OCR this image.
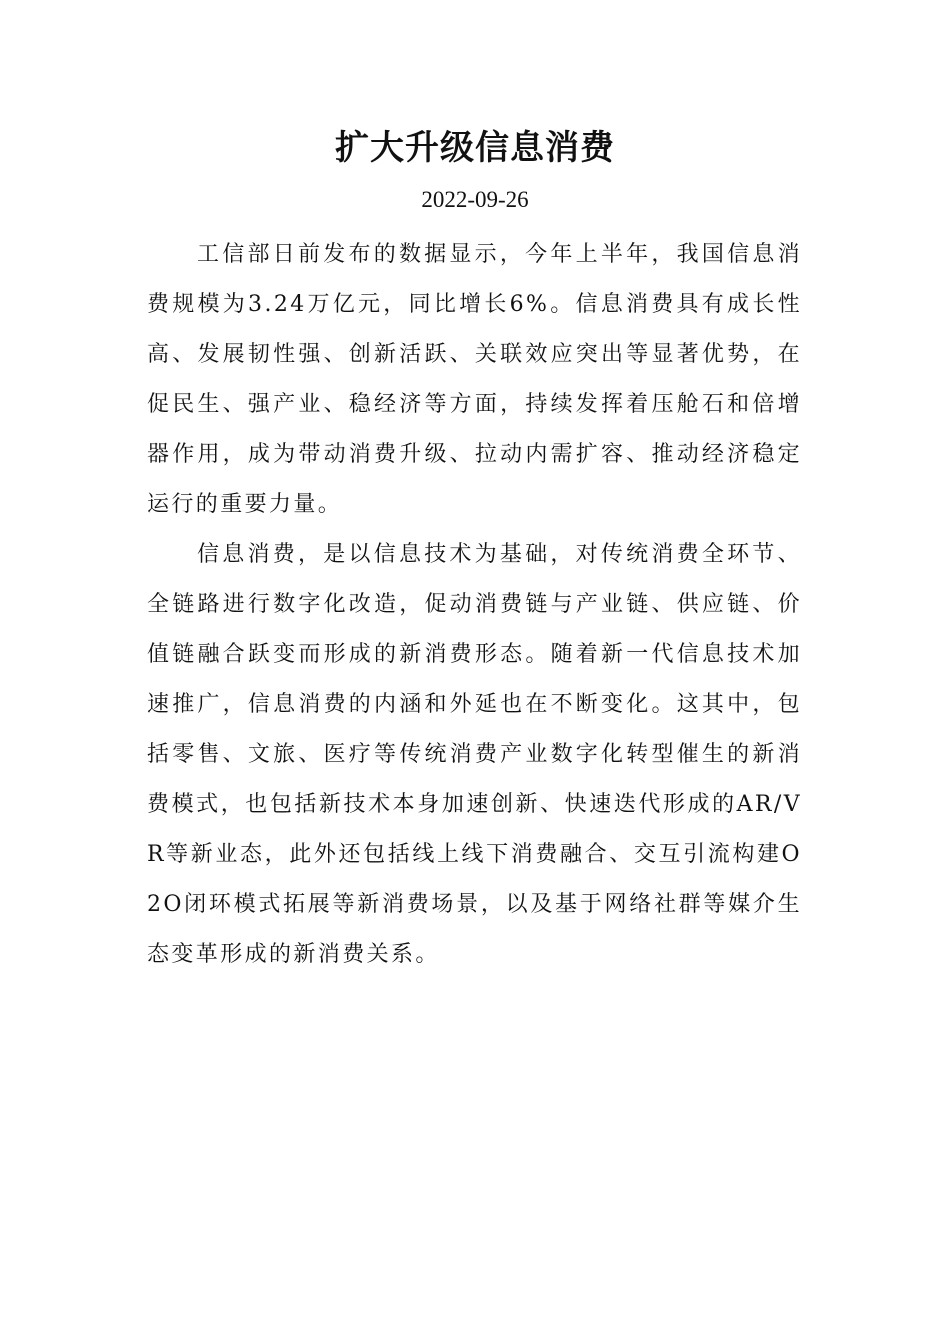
扩大升级信息消费
2022-09-26

工信部日前发布的数据显示，今年上半年，我国信息消费规模为3.24万亿元，同比增长6%。信息消费具有成长性高、发展韧性强、创新活跃、关联效应突出等显著优势，在促民生、强产业、稳经济等方面，持续发挥着压舱石和倍增器作用，成为带动消费升级、拉动内需扩容、推动经济稳定运行的重要力量。

信息消费，是以信息技术为基础，对传统消费全环节、全链路进行数字化改造，促动消费链与产业链、供应链、价值链融合跃变而形成的新消费形态。随着新一代信息技术加速推广，信息消费的内涵和外延也在不断变化。这其中，包括零售、文旅、医疗等传统消费产业数字化转型催生的新消费模式，也包括新技术本身加速创新、快速迭代形成的AR/VR等新业态，此外还包括线上线下消费融合、交互引流构建O2O闭环模式拓展等新消费场景，以及基于网络社群等媒介生态变革形成的新消费关系。
